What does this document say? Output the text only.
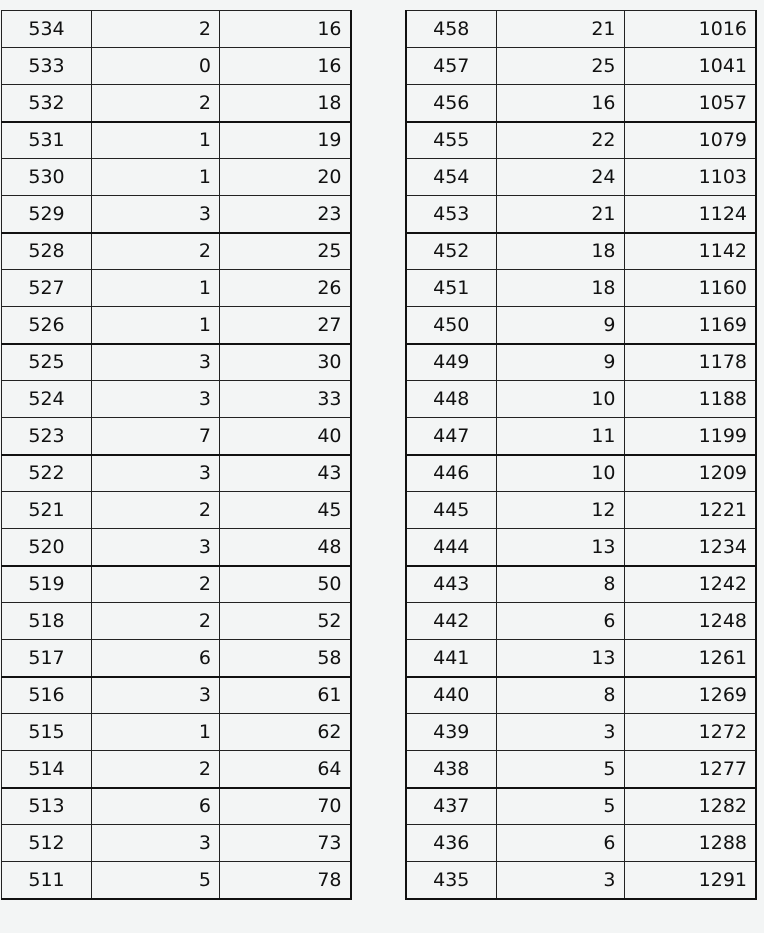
534	2	16
533	0	16
532	2	18
531	1	19
530	1	20
529	3	23
528	2	25
527	1	26
526	1	27
525	3	30
524	3	33
523	7	40
522	3	43
521	2	45
520	3	48
519	2	50
518	2	52
517	6	58
516	3	61
515	1	62
514	2	64
513	6	70
512	3	73
511	5	78
458	21	1016
457	25	1041
456	16	1057
455	22	1079
454	24	1103
453	21	1124
452	18	1142
451	18	1160
450	9	1169
449	9	1178
448	10	1188
447	11	1199
446	10	1209
445	12	1221
444	13	1234
443	8	1242
442	6	1248
441	13	1261
440	8	1269
439	3	1272
438	5	1277
437	5	1282
436	6	1288
435	3	1291
